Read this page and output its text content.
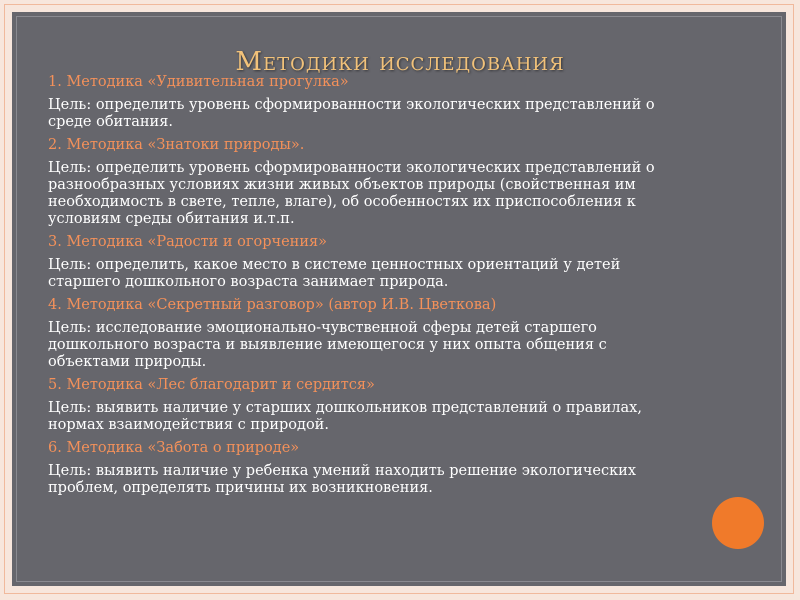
Методики исследования

1. Методика «Удивительная прогулка»

Цель: определить уровень сформированности экологических представлений о среде обитания.

2. Методика «Знатоки природы».

Цель: определить уровень сформированности экологических представлений о разнообразных условиях жизни живых объектов природы (свойственная им необходимость в свете, тепле, влаге), об особенностях их приспособления к условиям среды обитания и.т.п.

3. Методика «Радости и огорчения»

Цель: определить, какое место в системе ценностных ориентаций у детей старшего дошкольного возраста занимает природа.

4. Методика «Секретный разговор» (автор И.В. Цветкова)

Цель: исследование эмоционально-чувственной сферы детей старшего дошкольного возраста и выявление имеющегося у них опыта общения с объектами природы.

5. Методика «Лес благодарит и сердится»

Цель: выявить наличие у старших дошкольников представлений о правилах, нормах взаимодействия с природой.

6. Методика «Забота о природе»

Цель: выявить наличие у ребенка умений находить решение экологических проблем, определять причины их возникновения.
